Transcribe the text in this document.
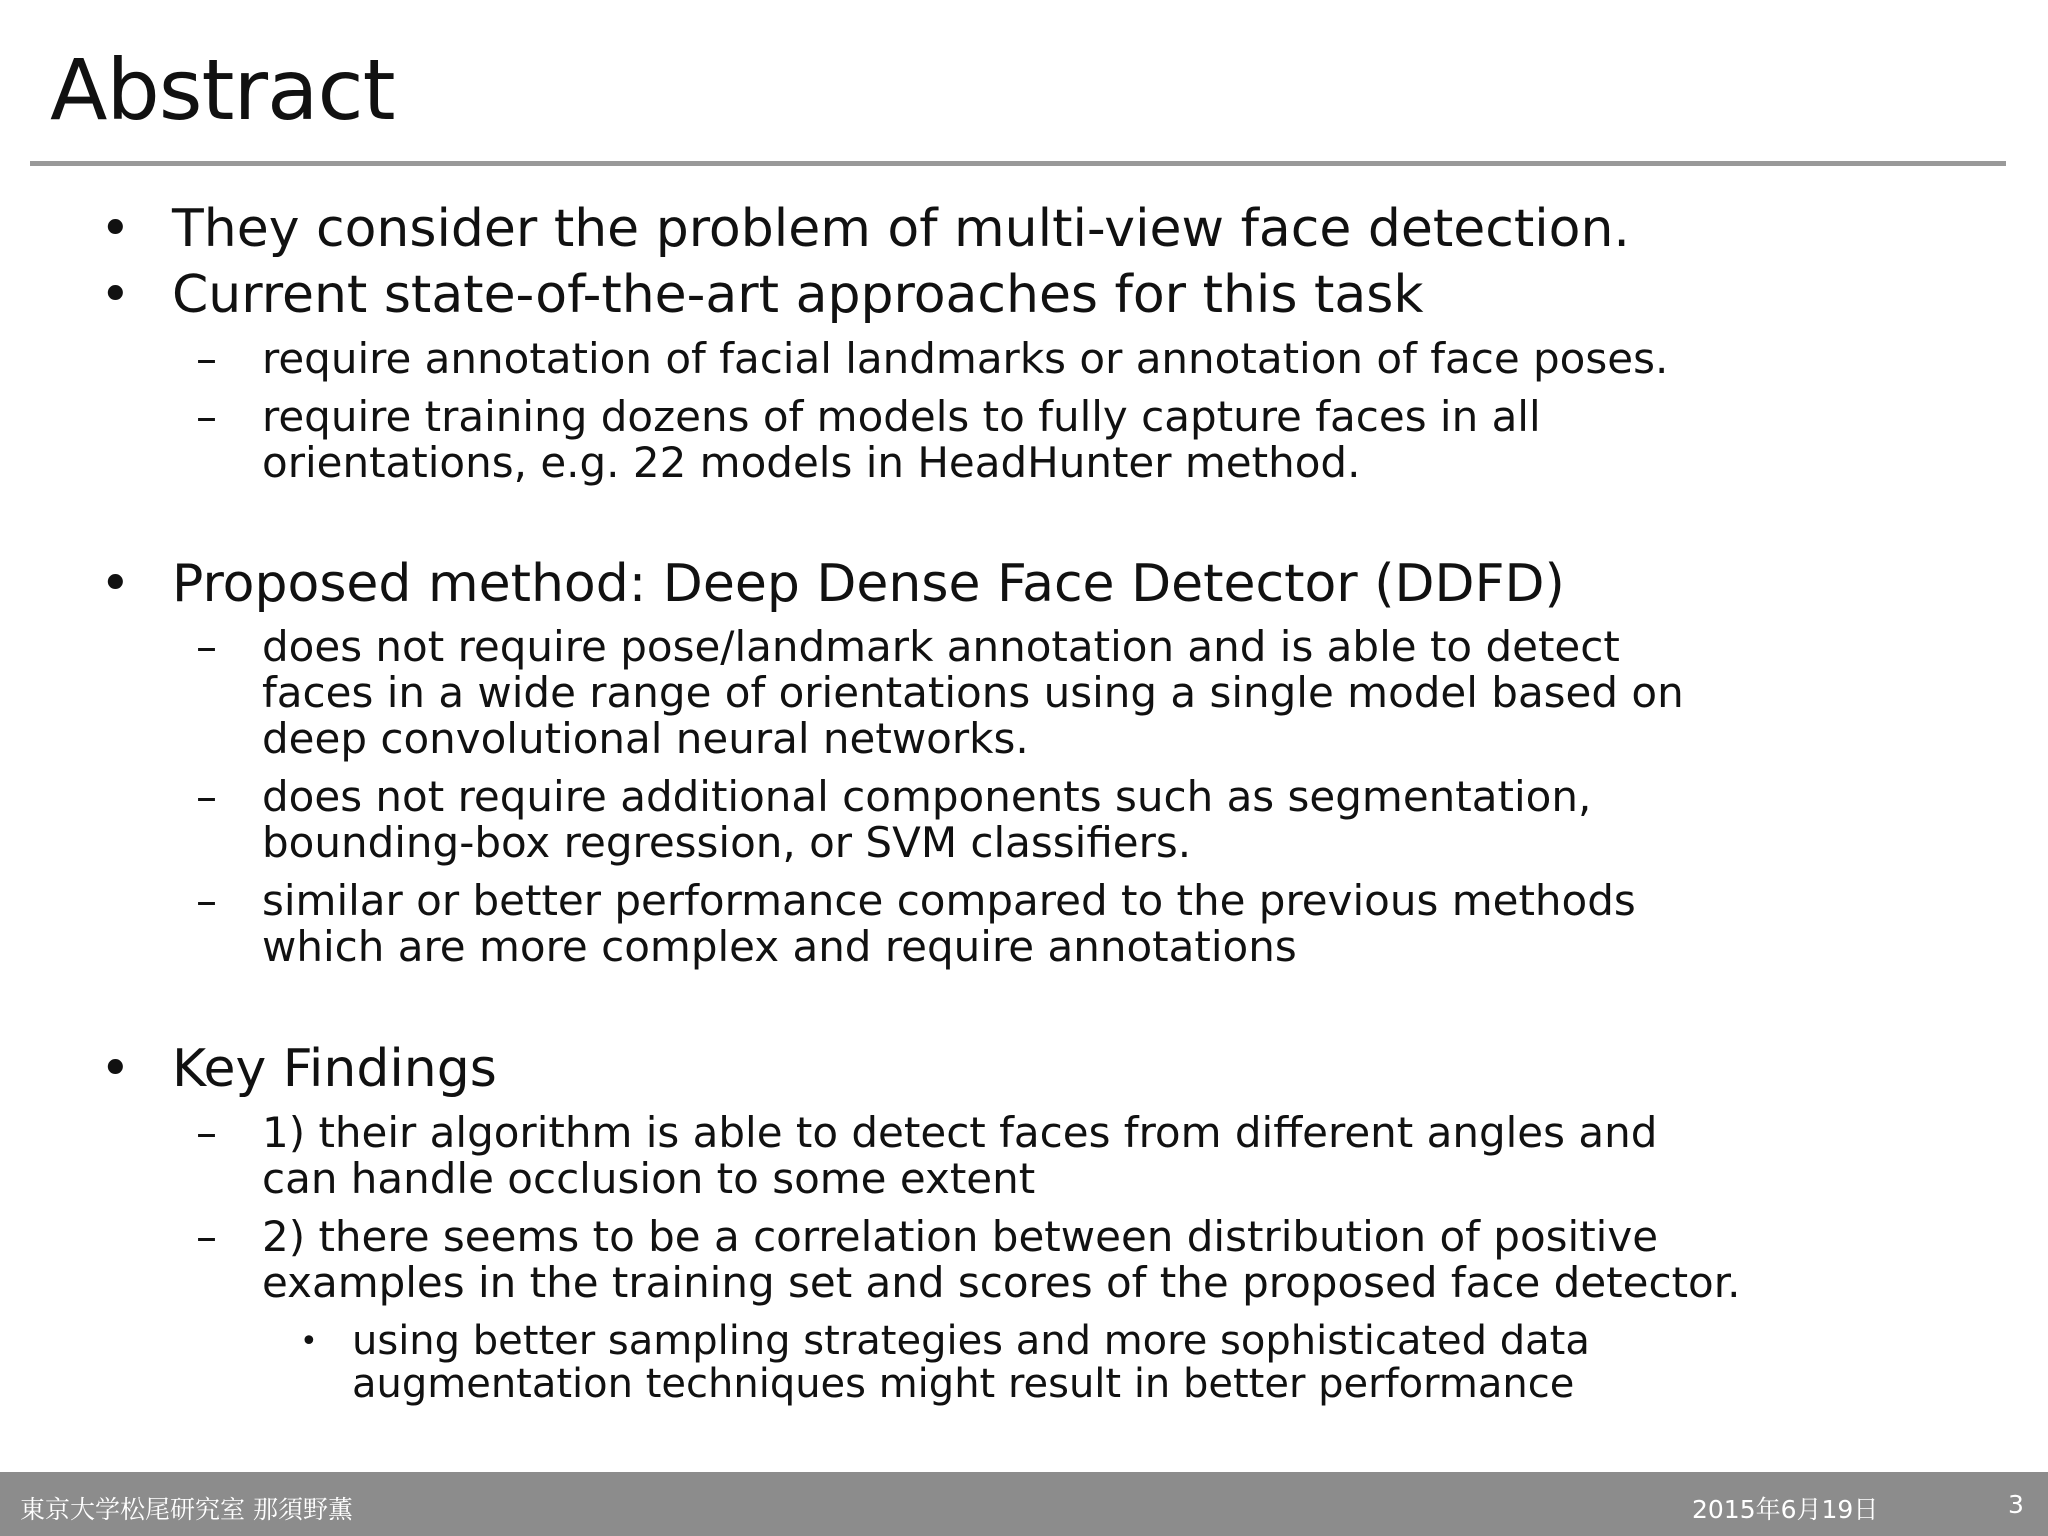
Abstract
• They consider the problem of multi-view face detection.
• Current state-of-the-art approaches for this task
– require annotation of facial landmarks or annotation of face poses.
– require training dozens of models to fully capture faces in all
orientations, e.g. 22 models in HeadHunter method.
• Proposed method: Deep Dense Face Detector (DDFD)
– does not require pose/landmark annotation and is able to detect
faces in a wide range of orientations using a single model based on
deep convolutional neural networks.
– does not require additional components such as segmentation,
bounding-box regression, or SVM classifiers.
– similar or better performance compared to the previous methods
which are more complex and require annotations
• Key Findings
– 1) their algorithm is able to detect faces from different angles and
can handle occlusion to some extent
– 2) there seems to be a correlation between distribution of positive
examples in the training set and scores of the proposed face detector.
• using better sampling strategies and more sophisticated data
augmentation techniques might result in better performance
東京大学松尾研究室 那須野薫	2015年6月19日	3
